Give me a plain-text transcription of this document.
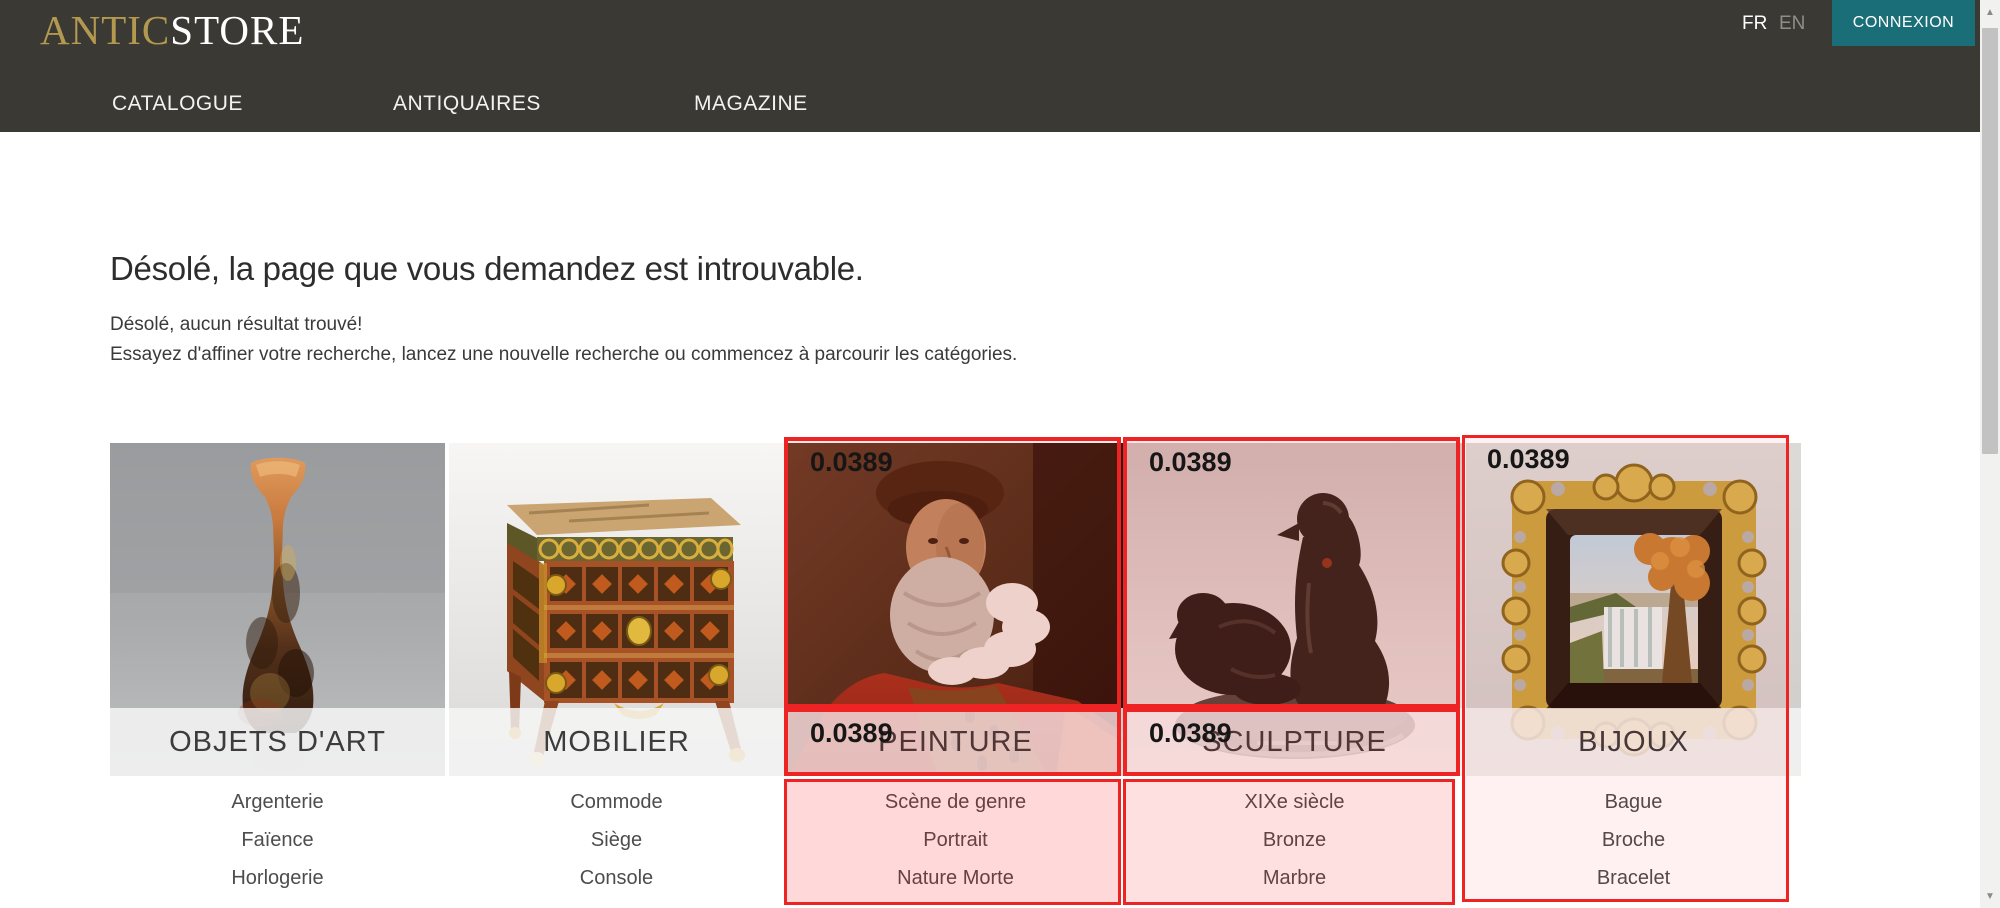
ANTICSTORE	FR EN	CONNEXION
CATALOGUE	ANTIQUAIRES	MAGAZINE
Désolé, la page que vous demandez est introuvable.
Désolé, aucun résultat trouvé!
Essayez d'affiner votre recherche, lancez une nouvelle recherche ou commencez à parcourir les catégories.
OBJETS D'ART
Argenterie
Faïence
Horlogerie
MOBILIER
Commode
Siège
Console
PEINTURE
Scène de genre
Portrait
Nature Morte
SCULPTURE
XIXe siècle
Bronze
Marbre
BIJOUX
Bague
Broche
Bracelet
0.0389
0.0389
0.0389
0.0389
0.0389
▲
▼
